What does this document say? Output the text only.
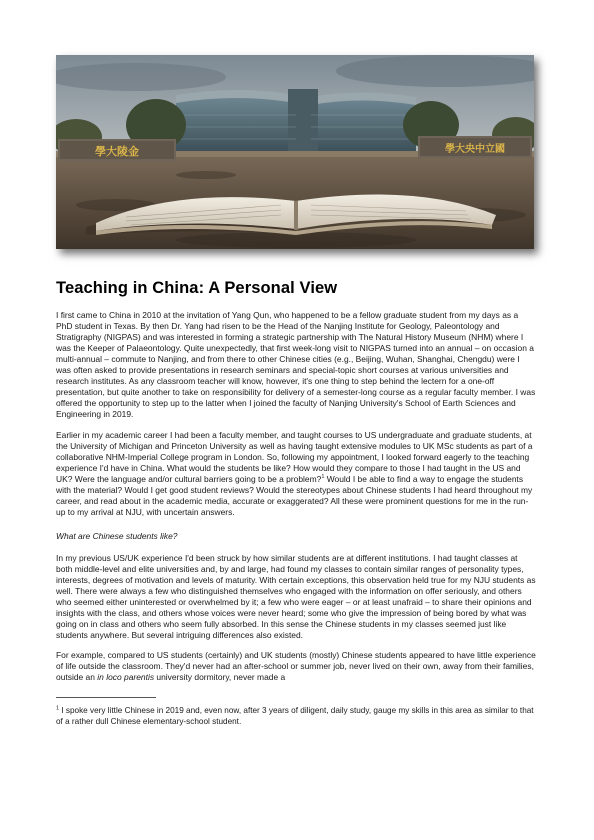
學大陵金	學大央中立國
Teaching in China: A Personal View

I first came to China in 2010 at the invitation of Yang Qun, who happened to be a fellow graduate student from my days as a PhD student in Texas. By then Dr. Yang had risen to be the Head of the Nanjing Institute for Geology, Paleontology and Stratigraphy (NIGPAS) and was interested in forming a strategic partnership with The Natural History Museum (NHM) where I was the Keeper of Palaeontology. Quite unexpectedly, that first week-long visit to NIGPAS turned into an annual – on occasion a multi-annual – commute to Nanjing, and from there to other Chinese cities (e.g., Beijing, Wuhan, Shanghai, Chengdu) were I was often asked to provide presentations in research seminars and special-topic short courses at various universities and research institutes. As any classroom teacher will know, however, it's one thing to step behind the lectern for a one-off presentation, but quite another to take on responsibility for delivery of a semester-long course as a regular faculty member. I was offered the opportunity to step up to the latter when I joined the faculty of Nanjing University's School of Earth Sciences and Engineering in 2019.

Earlier in my academic career I had been a faculty member, and taught courses to US undergraduate and graduate students, at the University of Michigan and Princeton University as well as having taught extensive modules to UK MSc students as part of a collaborative NHM-Imperial College program in London. So, following my appointment, I looked forward eagerly to the teaching experience I'd have in China. What would the students be like? How would they compare to those I had taught in the US and UK? Were the language and/or cultural barriers going to be a problem?$^1$ Would I be able to find a way to engage the students with the material? Would I get good student reviews? Would the stereotypes about Chinese students I had heard throughout my career, and read about in the academic media, accurate or exaggerated? All these were prominent questions for me in the run-up to my arrival at NJU, with uncertain answers.

What are Chinese students like?

In my previous US/UK experience I'd been struck by how similar students are at different institutions. I had taught classes at both middle-level and elite universities and, by and large, had found my classes to contain similar ranges of personality types, interests, degrees of motivation and levels of maturity. With certain exceptions, this observation held true for my NJU students as well. There were always a few who distinguished themselves who engaged with the information on offer seriously, and others who seemed either uninterested or overwhelmed by it; a few who were eager – or at least unafraid – to share their opinions and insights with the class, and others whose voices were never heard; some who give the impression of being bored by what was going on in class and others who seem fully absorbed. In this sense the Chinese students in my classes seemed just like students anywhere. But several intriguing differences also existed.

For example, compared to US students (certainly) and UK students (mostly) Chinese students appeared to have little experience of life outside the classroom. They'd never had an after-school or summer job, never lived on their own, away from their families, outside an in loco parentis university dormitory, never made a

$^1$ I spoke very little Chinese in 2019 and, even now, after 3 years of diligent, daily study, gauge my skills in this area as similar to that of a rather dull Chinese elementary-school student.
